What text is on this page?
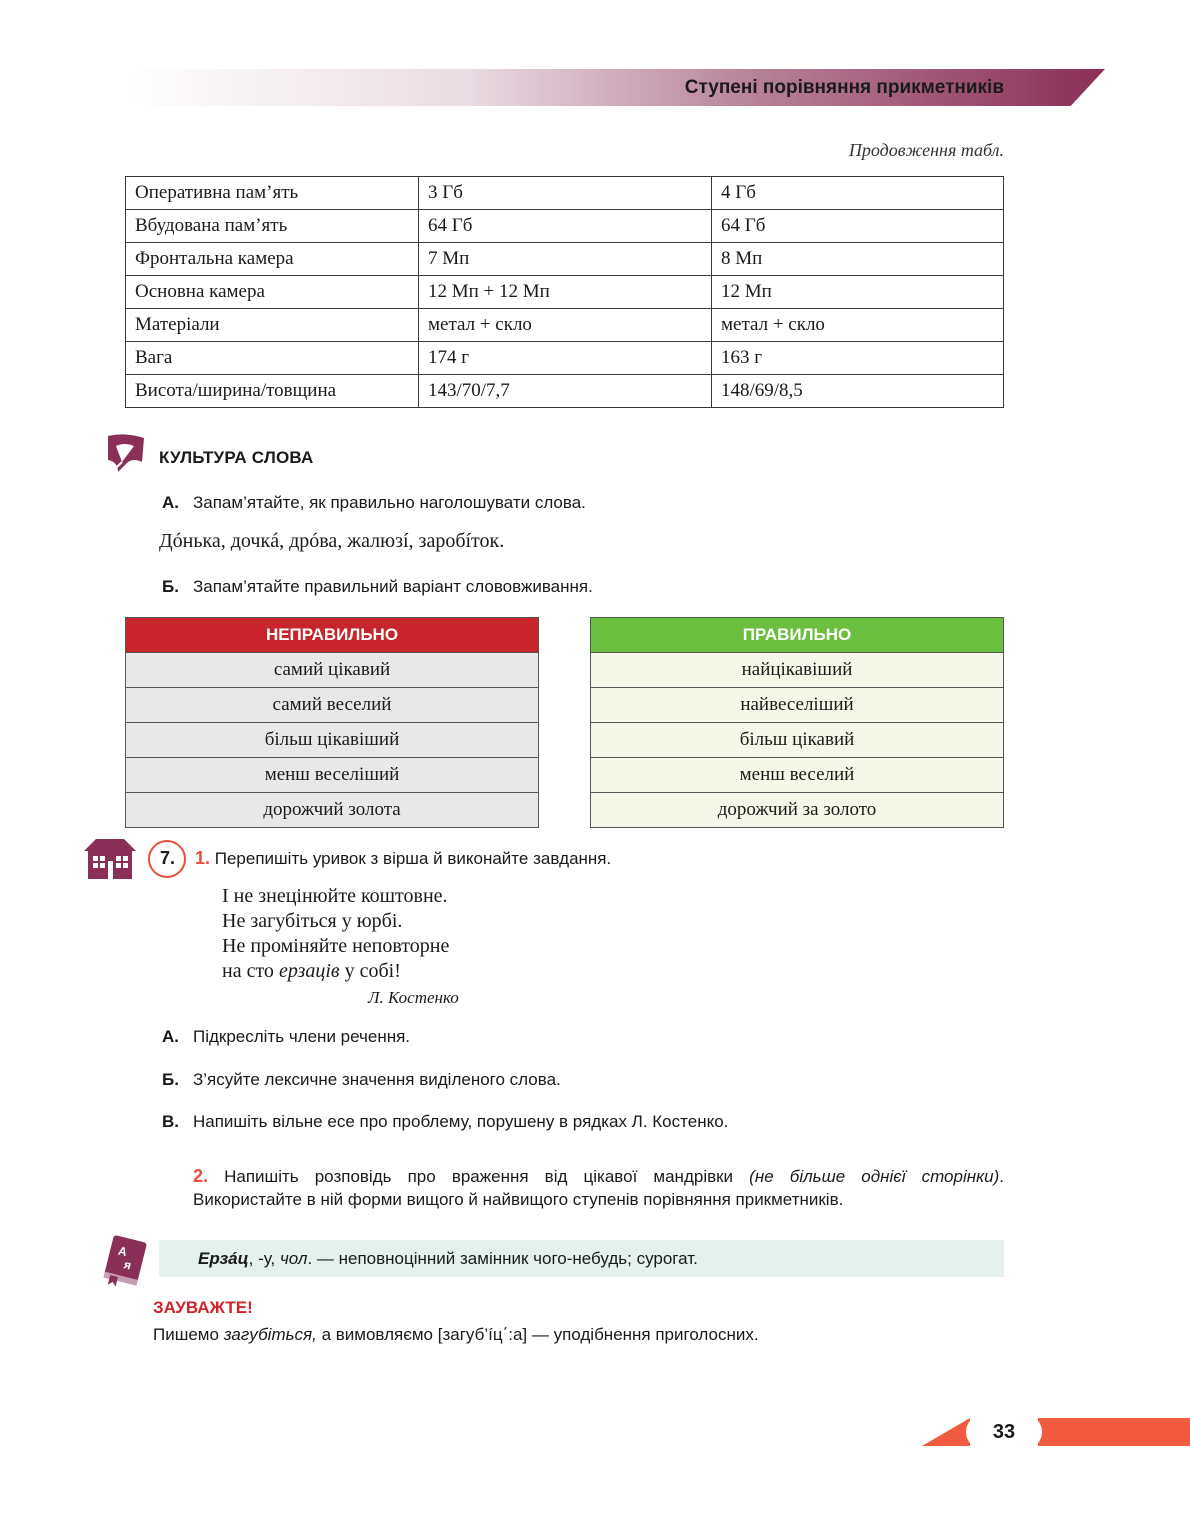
Ступені порівняння прикметників
Продовження табл.
Оперативна пам’ять	3 Гб	4 Гб
Вбудована пам’ять	64 Гб	64 Гб
Фронтальна камера	7 Мп	8 Мп
Основна камера	12 Мп + 12 Мп	12 Мп
Матеріали	метал + скло	метал + скло
Вага	174 г	163 г
Висота/ширина/товщина	143/70/7,7	148/69/8,5
КУЛЬТУРА СЛОВА
А. Запам’ятайте, як правильно наголошувати слова.
Дóнька, дочкá, дрóва, жалюзí, заробíток.
Б. Запам’ятайте правильний варіант слововживання.
НЕПРАВИЛЬНО
самий цікавий
самий веселий
більш цікавіший
менш веселіший
дорожчий золота
ПРАВИЛЬНО
найцікавіший
найвеселіший
більш цікавий
менш веселий
дорожчий за золото
7. 1. Перепишіть уривок з вірша й виконайте завдання.
І не знецінюйте коштовне.
Не загубіться у юрбі.
Не проміняйте неповторне
на сто ерзаців у собі!
Л. Костенко
А. Підкресліть члени речення.
Б. З’ясуйте лексичне значення виділеного слова.
В. Напишіть вільне есе про проблему, порушену в рядках Л. Костенко.
2. Напишіть розповідь про враження від цікавої мандрівки (не більше однієї сторінки).
Використайте в ній форми вищого й найвищого ступенів порівняння прикметників.
А
я	Ерзáц, -у, чол. — неповноцінний замінник чого-небудь; сурогат.
ЗАУВАЖТЕ!
Пишемо загубіться, а вимовляємо [загуб’íц΄:а] — уподібнення приголосних.
33
